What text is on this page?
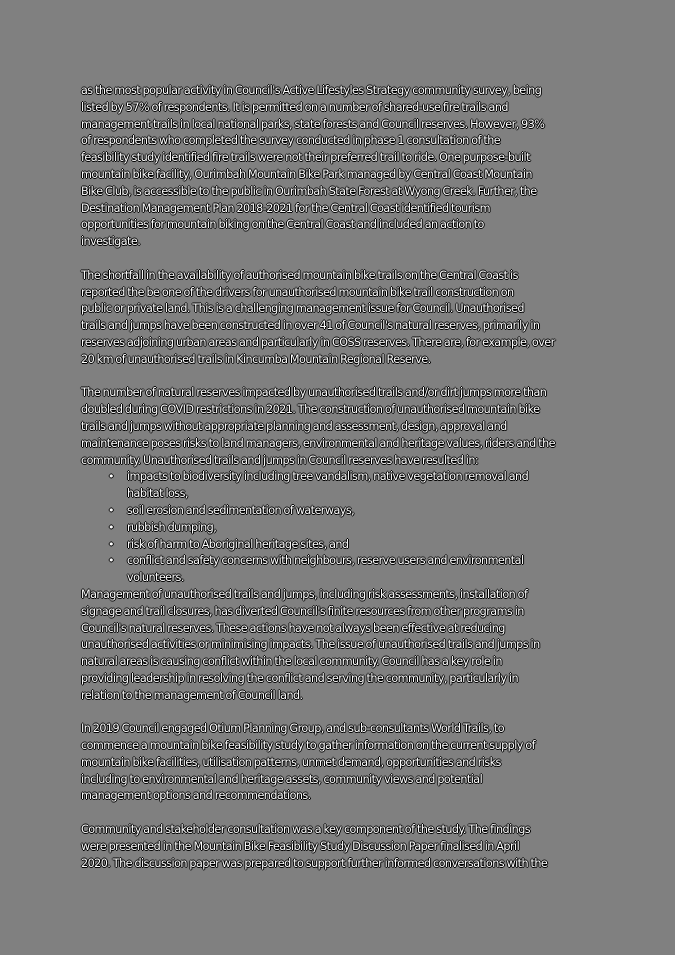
as the most popular activity in Council's Active Lifestyles Strategy community survey, being
listed by 57% of respondents. It is permitted on a number of shared-use fire trails and
management trails in local national parks, state forests and Council reserves. However, 93%
of respondents who completed the survey conducted in phase 1 consultation of the
feasibility study identified fire trails were not their preferred trail to ride. One purpose-built
mountain bike facility, Ourimbah Mountain Bike Park managed by Central Coast Mountain
Bike Club, is accessible to the public in Ourimbah State Forest at Wyong Creek. Further, the
Destination Management Plan 2018-2021 for the Central Coast identified tourism
opportunities for mountain biking on the Central Coast and included an action to
investigate.
The shortfall in the availability of authorised mountain bike trails on the Central Coast is
reported the be one of the drivers for unauthorised mountain bike trail construction on
public or private land. This is a challenging management issue for Council. Unauthorised
trails and jumps have been constructed in over 41 of Council's natural reserves, primarily in
reserves adjoining urban areas and particularly in COSS reserves. There are, for example, over
20 km of unauthorised trails in Kincumba Mountain Regional Reserve.
The number of natural reserves impacted by unauthorised trails and/or dirt jumps more than
doubled during COVID restrictions in 2021. The construction of unauthorised mountain bike
trails and jumps without appropriate planning and assessment, design, approval and
maintenance poses risks to land managers, environmental and heritage values, riders and the
community. Unauthorised trails and jumps in Council reserves have resulted in:
• impacts to biodiversity including tree vandalism, native vegetation removal and
habitat loss,
• soil erosion and sedimentation of waterways,
• rubbish dumping,
• risk of harm to Aboriginal heritage sites, and
• conflict and safety concerns with neighbours, reserve users and environmental
volunteers.
Management of unauthorised trails and jumps, including risk assessments, installation of
signage and trail closures, has diverted Council's finite resources from other programs in
Council's natural reserves. These actions have not always been effective at reducing
unauthorised activities or minimising impacts. The issue of unauthorised trails and jumps in
natural areas is causing conflict within the local community. Council has a key role in
providing leadership in resolving the conflict and serving the community, particularly in
relation to the management of Council land.
In 2019 Council engaged Otium Planning Group, and sub-consultants World Trails, to
commence a mountain bike feasibility study to gather information on the current supply of
mountain bike facilities, utilisation patterns, unmet demand, opportunities and risks
including to environmental and heritage assets, community views and potential
management options and recommendations.
Community and stakeholder consultation was a key component of the study. The findings
were presented in the Mountain Bike Feasibility Study Discussion Paper finalised in April
2020. The discussion paper was prepared to support further informed conversations with the
